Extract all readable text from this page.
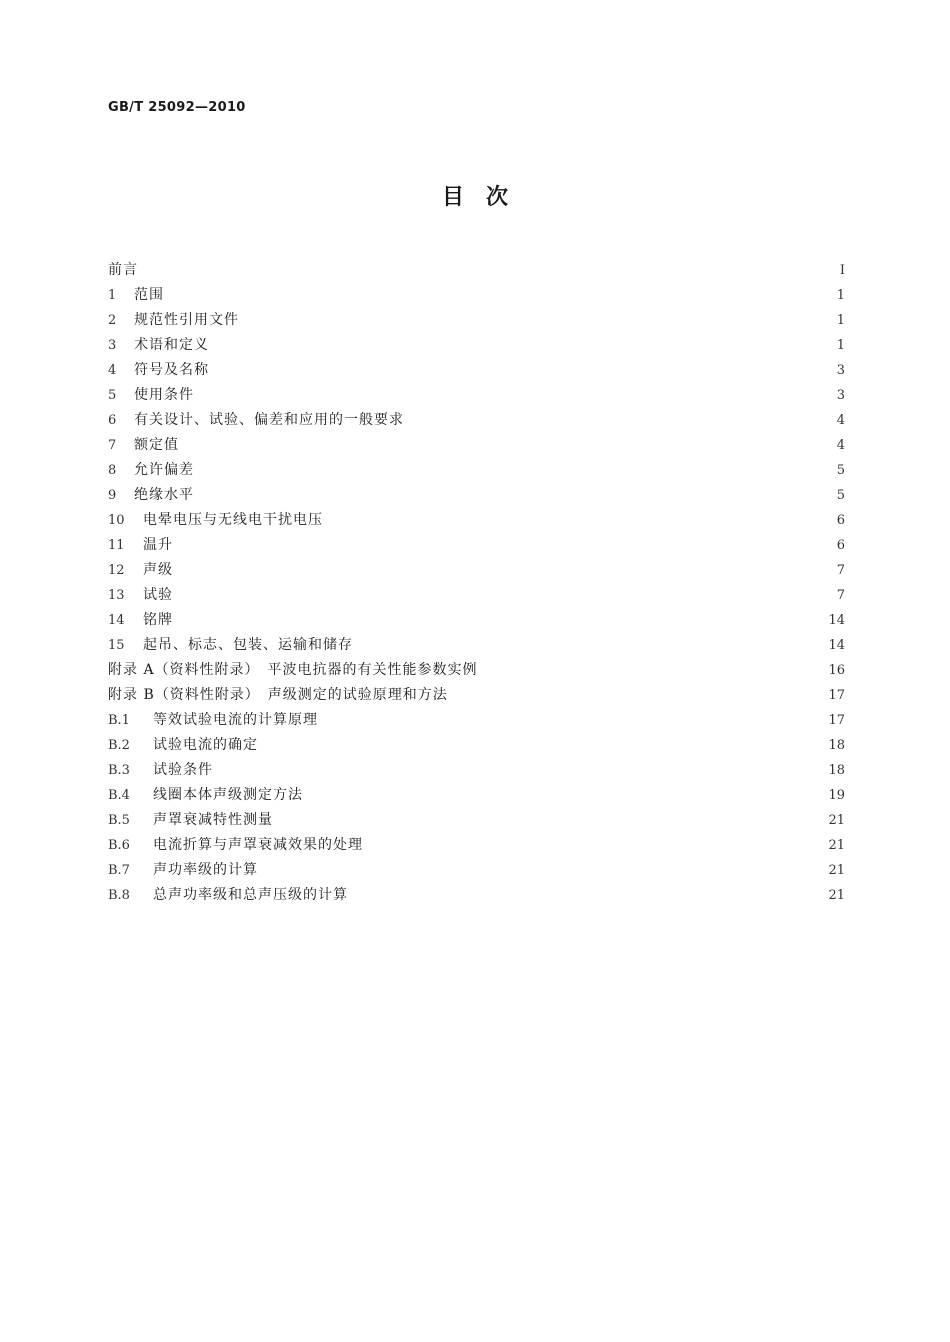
GB/T 25092—2010
目　次
前言	Ⅰ
1	范围	1
2	规范性引用文件	1
3	术语和定义	1
4	符号及名称	3
5	使用条件	3
6	有关设计、试验、偏差和应用的一般要求	4
7	额定值	4
8	允许偏差	5
9	绝缘水平	5
10	电晕电压与无线电干扰电压	6
11	温升	6
12	声级	7
13	试验	7
14	铭牌	14
15	起吊、标志、包装、运输和储存	14
附录 A（资料性附录）　平波电抗器的有关性能参数实例	16
附录 B（资料性附录）　声级测定的试验原理和方法	17
B.1	等效试验电流的计算原理	17
B.2	试验电流的确定	18
B.3	试验条件	18
B.4	线圈本体声级测定方法	19
B.5	声罩衰减特性测量	21
B.6	电流折算与声罩衰减效果的处理	21
B.7	声功率级的计算	21
B.8	总声功率级和总声压级的计算	21
